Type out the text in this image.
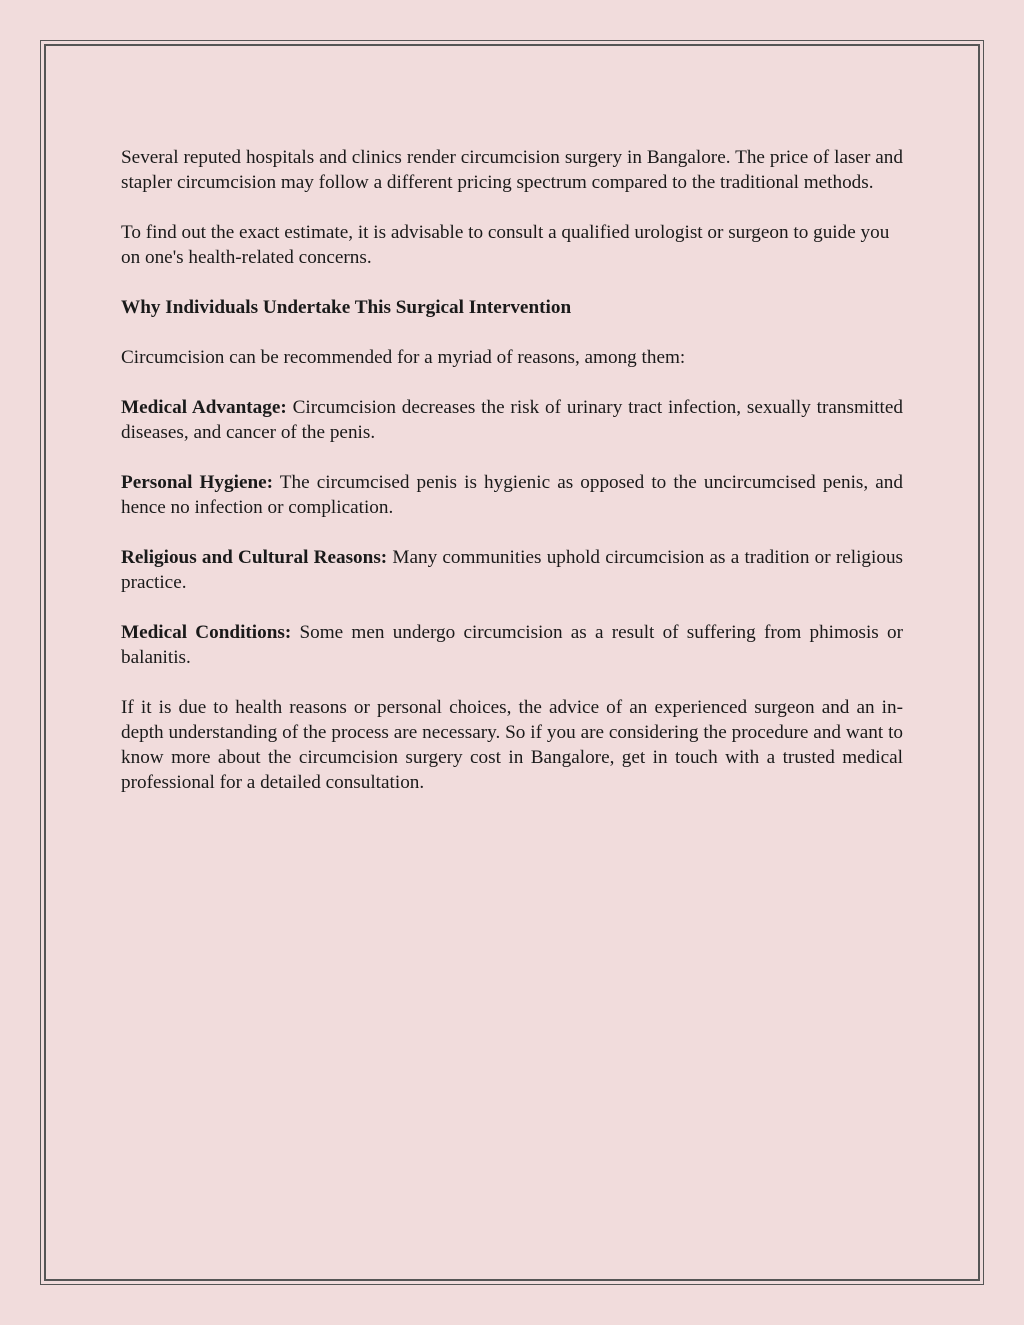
Several reputed hospitals and clinics render circumcision surgery in Bangalore. The price of laser and stapler circumcision may follow a different pricing spectrum compared to the traditional methods.

To find out the exact estimate, it is advisable to consult a qualified urologist or surgeon to guide you on one's health-related concerns.

Why Individuals Undertake This Surgical Intervention

Circumcision can be recommended for a myriad of reasons, among them:

Medical Advantage: Circumcision decreases the risk of urinary tract infection, sexually transmitted diseases, and cancer of the penis.

Personal Hygiene: The circumcised penis is hygienic as opposed to the uncircumcised penis, and hence no infection or complication.

Religious and Cultural Reasons: Many communities uphold circumcision as a tradition or religious practice.

Medical Conditions: Some men undergo circumcision as a result of suffering from phimosis or balanitis.

If it is due to health reasons or personal choices, the advice of an experienced surgeon and an in-depth understanding of the process are necessary. So if you are considering the procedure and want to know more about the circumcision surgery cost in Bangalore, get in touch with a trusted medical professional for a detailed consultation.
